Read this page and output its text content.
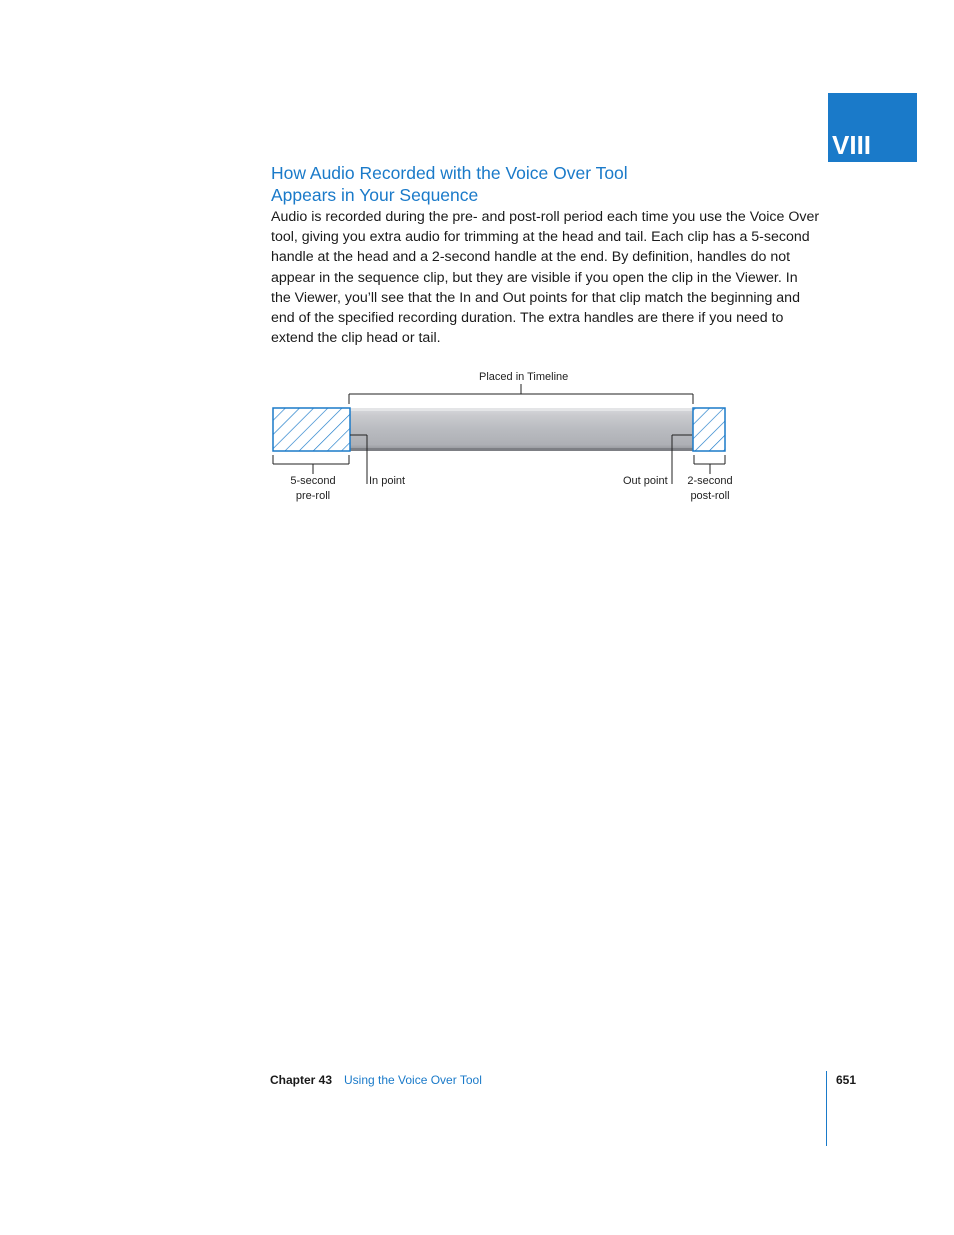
VIII
How Audio Recorded with the Voice Over Tool
Appears in Your Sequence

Audio is recorded during the pre- and post-roll period each time you use the Voice Over tool, giving you extra audio for trimming at the head and tail. Each clip has a 5-second handle at the head and a 2-second handle at the end. By definition, handles do not appear in the sequence clip, but they are visible if you open the clip in the Viewer. In the Viewer, you’ll see that the In and Out points for that clip match the beginning and end of the specified recording duration. The extra handles are there if you need to extend the clip head or tail.

Placed in Timeline
5-second
pre-roll
In point	Out point 2-second
post-roll
Chapter 43 Using the Voice Over Tool	651
